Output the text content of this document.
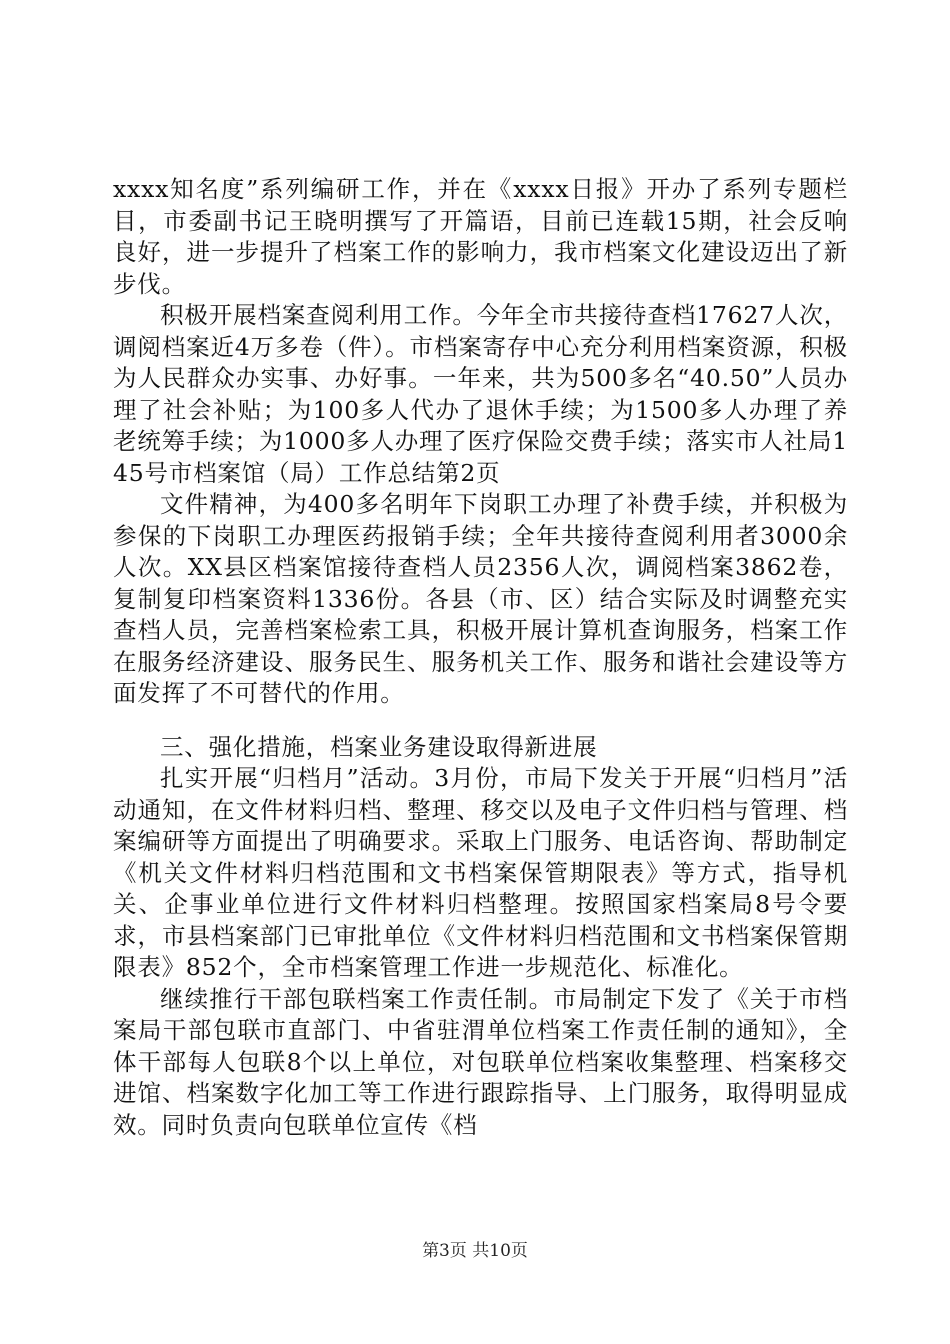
xxxx知名度”系列编研工作，并在《xxxx日报》开办了系列专题栏目，市委副书记王晓明撰写了开篇语，目前已连载15期，社会反响良好，进一步提升了档案工作的影响力，我市档案文化建设迈出了新步伐。

积极开展档案查阅利用工作。今年全市共接待查档17627人次，调阅档案近4万多卷（件）。市档案寄存中心充分利用档案资源，积极为人民群众办实事、办好事。一年来，共为500多名“40.50”人员办理了社会补贴；为100多人代办了退休手续；为1500多人办理了养老统筹手续；为1000多人办理了医疗保险交费手续；落实市人社局145号市档案馆（局）工作总结第2页

文件精神，为400多名明年下岗职工办理了补费手续，并积极为参保的下岗职工办理医药报销手续；全年共接待查阅利用者3000余人次。XX县区档案馆接待查档人员2356人次，调阅档案3862卷，复制复印档案资料1336份。各县（市、区）结合实际及时调整充实查档人员，完善档案检索工具，积极开展计算机查询服务，档案工作在服务经济建设、服务民生、服务机关工作、服务和谐社会建设等方面发挥了不可替代的作用。

三、强化措施，档案业务建设取得新进展

扎实开展“归档月”活动。3月份，市局下发关于开展“归档月”活动通知，在文件材料归档、整理、移交以及电子文件归档与管理、档案编研等方面提出了明确要求。采取上门服务、电话咨询、帮助制定《机关文件材料归档范围和文书档案保管期限表》等方式，指导机关、企事业单位进行文件材料归档整理。按照国家档案局8号令要求，市县档案部门已审批单位《文件材料归档范围和文书档案保管期限表》852个，全市档案管理工作进一步规范化、标准化。

继续推行干部包联档案工作责任制。市局制定下发了《关于市档案局干部包联市直部门、中省驻渭单位档案工作责任制的通知》，全体干部每人包联8个以上单位，对包联单位档案收集整理、档案移交进馆、档案数字化加工等工作进行跟踪指导、上门服务，取得明显成效。同时负责向包联单位宣传《档

第3页 共10页
